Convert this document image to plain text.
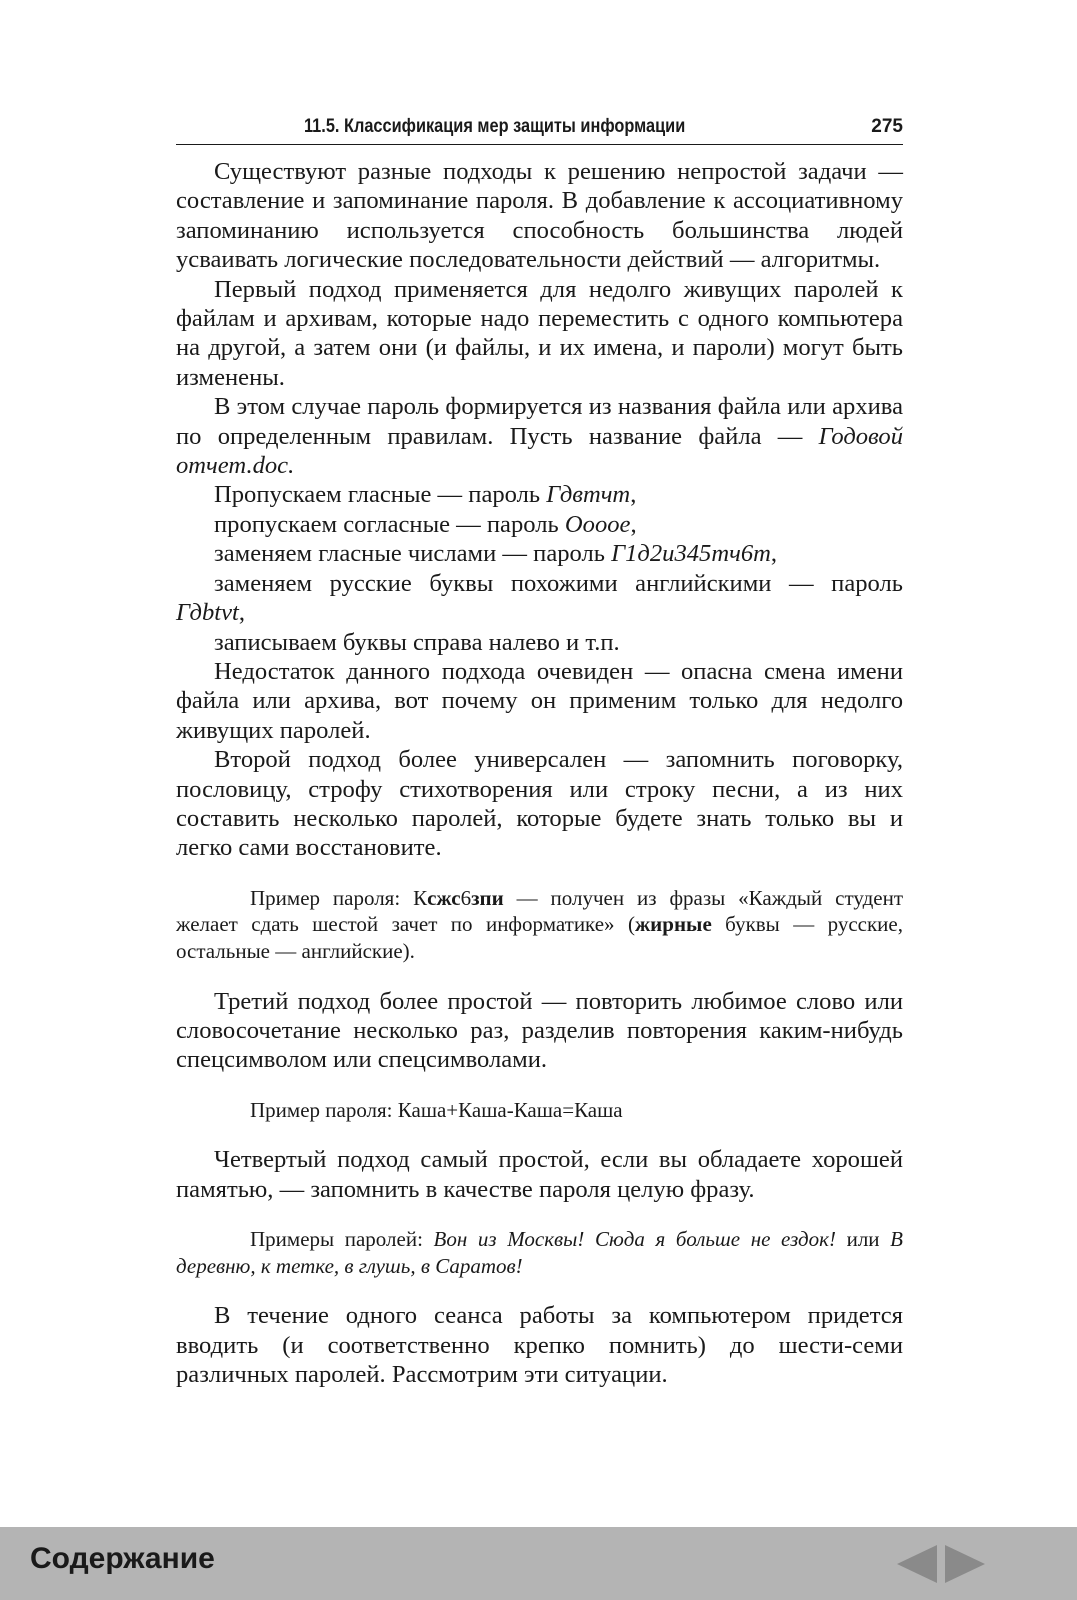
11.5. Классификация мер защиты информации	275

Существуют разные подходы к решению непростой задачи — составление и запоминание пароля. В добавление к ассоциативному запоминанию используется способность большинства людей усваивать логические последовательности действий — алгоритмы.

Первый подход применяется для недолго живущих паролей к файлам и архивам, которые надо переместить с одного компьютера на другой, а затем они (и файлы, и их имена, и пароли) могут быть изменены.

В этом случае пароль формируется из названия файла или архива по определенным правилам. Пусть название файла — Годовой отчет.doc.

Пропускаем гласные — пароль Гдвтчт,

пропускаем согласные — пароль Оооое,

заменяем гласные числами — пароль Г1д2и345тч6т,

заменяем русские буквы похожими английскими — пароль Гдbtvt,

записываем буквы справа налево и т.п.

Недостаток данного подхода очевиден — опасна смена имени файла или архива, вот почему он применим только для недолго живущих паролей.

Второй подход более универсален — запомнить поговорку, пословицу, строфу стихотворения или строку песни, а из них составить несколько паролей, которые будете знать только вы и легко сами восстановите.

Пример пароля: Ксжс6зпи — получен из фразы «Каждый студент желает сдать шестой зачет по информатике» (жирные буквы — русские, остальные — английские).

Третий подход более простой — повторить любимое слово или словосочетание несколько раз, разделив повторения каким-нибудь спецсимволом или спецсимволами.

Пример пароля: Каша+Каша-Каша=Каша

Четвертый подход самый простой, если вы обладаете хорошей памятью, — запомнить в качестве пароля целую фразу.

Примеры паролей: Вон из Москвы! Сюда я больше не ездок! или В деревню, к тетке, в глушь, в Саратов!

В течение одного сеанса работы за компьютером придется вводить (и соответственно крепко помнить) до шести-семи различных паролей. Рассмотрим эти ситуации.

Содержание
